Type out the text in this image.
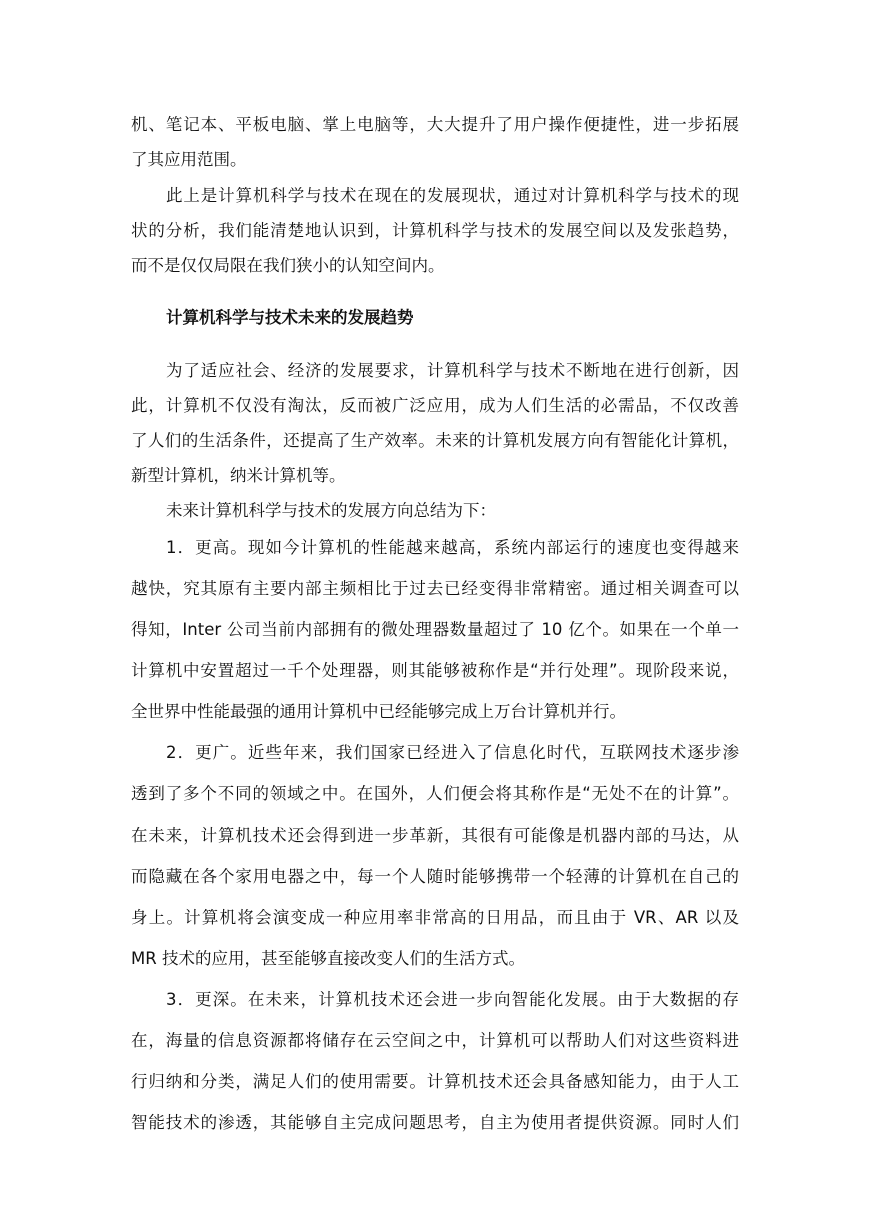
机、笔记本、平板电脑、掌上电脑等，大大提升了用户操作便捷性，进一步拓展
了其应用范围。
此上是计算机科学与技术在现在的发展现状，通过对计算机科学与技术的现
状的分析，我们能清楚地认识到，计算机科学与技术的发展空间以及发张趋势，
而不是仅仅局限在我们狭小的认知空间内。
计算机科学与技术未来的发展趋势
为了适应社会、经济的发展要求，计算机科学与技术不断地在进行创新，因
此，计算机不仅没有淘汰，反而被广泛应用，成为人们生活的必需品，不仅改善
了人们的生活条件，还提高了生产效率。未来的计算机发展方向有智能化计算机，
新型计算机，纳米计算机等。
未来计算机科学与技术的发展方向总结为下：
1．更高。现如今计算机的性能越来越高，系统内部运行的速度也变得越来
越快，究其原有主要内部主频相比于过去已经变得非常精密。通过相关调查可以
得知，Inter 公司当前内部拥有的微处理器数量超过了 10 亿个。如果在一个单一
计算机中安置超过一千个处理器，则其能够被称作是“并行处理”。现阶段来说，
全世界中性能最强的通用计算机中已经能够完成上万台计算机并行。
2．更广。近些年来，我们国家已经进入了信息化时代，互联网技术逐步渗
透到了多个不同的领域之中。在国外，人们便会将其称作是“无处不在的计算”。
在未来，计算机技术还会得到进一步革新，其很有可能像是机器内部的马达，从
而隐藏在各个家用电器之中，每一个人随时能够携带一个轻薄的计算机在自己的
身上。计算机将会演变成一种应用率非常高的日用品，而且由于 VR、AR 以及
MR 技术的应用，甚至能够直接改变人们的生活方式。
3．更深。在未来，计算机技术还会进一步向智能化发展。由于大数据的存
在，海量的信息资源都将储存在云空间之中，计算机可以帮助人们对这些资料进
行归纳和分类，满足人们的使用需要。计算机技术还会具备感知能力，由于人工
智能技术的渗透，其能够自主完成问题思考，自主为使用者提供资源。同时人们
